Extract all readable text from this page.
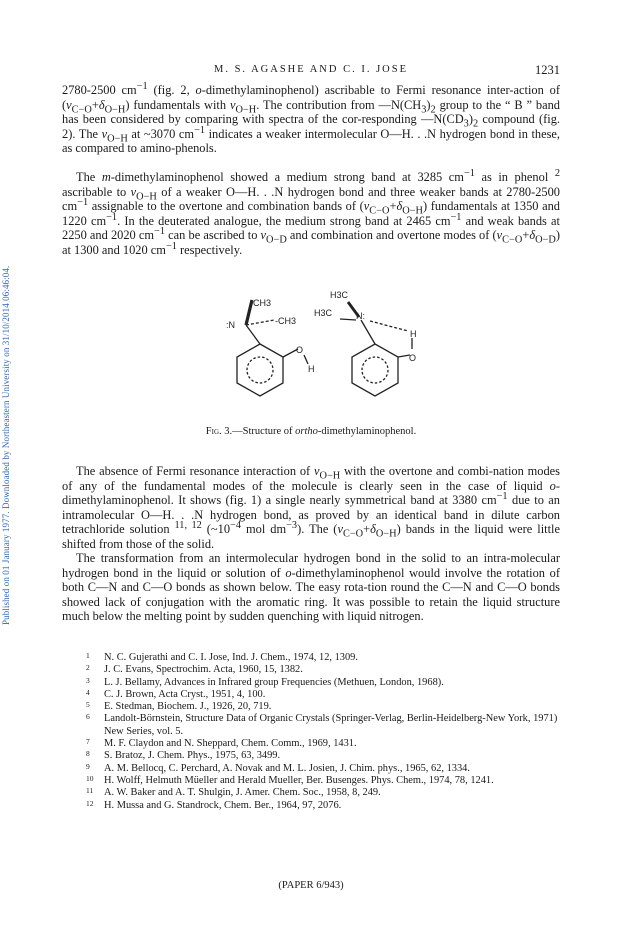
M. S. AGASHE AND C. I. JOSE	1231
Published on 01 January 1977. Downloaded by Northeastern University on 31/10/2014 06:46:04.

2780-2500 $cm^{-1}$ (fig. 2, o-dimethylaminophenol) ascribable to Fermi resonance inter-action of $(\nu_{C-O}+\delta_{O-H})$ fundamentals with $\nu_{O-H}$. The contribution from $—N(CH_3)_2$ group to the “ B ” band has been considered by comparing with spectra of the cor-responding $—N(CD_3)_2$ compound (fig. 2). The $\nu_{O-H}$ at ~3070 $cm^{-1}$ indicates a weaker intermolecular O—H. . .N hydrogen bond in these, as compared to amino-phenols.

The m-dimethylaminophenol showed a medium strong band at 3285 $cm^{-1}$ as in phenol $^2$ ascribable to $\nu_{O-H}$ of a weaker O—H. . .N hydrogen bond and three weaker bands at 2780-2500 $cm^{-1}$ assignable to the overtone and combination bands of $(\nu_{C-O}+\delta_{O-H})$ fundamentals at 1350 and 1220 $cm^{-1}$. In the deuterated analogue, the medium strong band at 2465 $cm^{-1}$ and weak bands at 2250 and 2020 $cm^{-1}$ can be ascribed to $\nu_{O-D}$ and combination and overtone modes of $(\nu_{C-O}+\delta_{O-D})$ at 1300 and 1020 $cm^{-1}$ respectively.

CH3
:N	-CH3
O
H
H3C
H3C	N:
H
O
Fig. 3.—Structure of ortho-dimethylaminophenol.

The absence of Fermi resonance interaction of $\nu_{O-H}$ with the overtone and combi-nation modes of any of the fundamental modes of the molecule is clearly seen in the case of liquid o-dimethylaminophenol. It shows (fig. 1) a single nearly symmetrical band at 3380 $cm^{-1}$ due to an intramolecular O—H. . .N hydrogen bond, as proved by an identical band in dilute carbon tetrachloride solution $^{11, 12}$ ($\sim 10^{-4}$ mol $dm^{-3}$). The $(\nu_{C-O}+\delta_{O-H})$ bands in the liquid were little shifted from those of the solid.

The transformation from an intermolecular hydrogen bond in the solid to an intra-molecular hydrogen bond in the liquid or solution of o-dimethylaminophenol would involve the rotation of both C—N and C—O bonds as shown below. The easy rota-tion round the C—N and C—O bonds showed lack of conjugation with the aromatic ring. It was possible to retain the liquid structure much below the melting point by sudden quenching with liquid nitrogen.

1 N. C. Gujerathi and C. I. Jose, Ind. J. Chem., 1974, 12, 1309.
2 J. C. Evans, Spectrochim. Acta, 1960, 15, 1382.
3 L. J. Bellamy, Advances in Infrared group Frequencies (Methuen, London, 1968).
4 C. J. Brown, Acta Cryst., 1951, 4, 100.
5 E. Stedman, Biochem. J., 1926, 20, 719.
6 Landolt-Börnstein, Structure Data of Organic Crystals (Springer-Verlag, Berlin-Heidelberg-New York, 1971) New Series, vol. 5.
7 M. F. Claydon and N. Sheppard, Chem. Comm., 1969, 1431.
8 S. Bratoz, J. Chem. Phys., 1975, 63, 3499.
9 A. M. Bellocq, C. Perchard, A. Novak and M. L. Josien, J. Chim. phys., 1965, 62, 1334.
10 H. Wolff, Helmuth Müeller and Herald Mueller, Ber. Busenges. Phys. Chem., 1974, 78, 1241.
11 A. W. Baker and A. T. Shulgin, J. Amer. Chem. Soc., 1958, 8, 249.
12 H. Mussa and G. Standrock, Chem. Ber., 1964, 97, 2076.
(PAPER 6/943)
